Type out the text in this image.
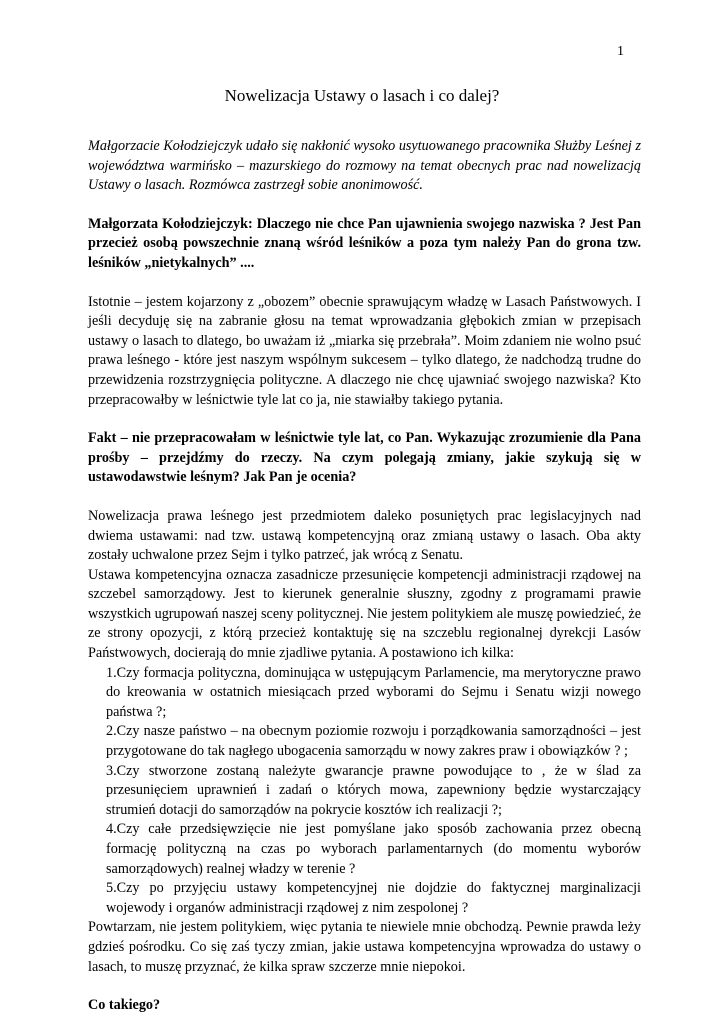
1
Nowelizacja Ustawy o lasach i co dalej?

Małgorzacie Kołodziejczyk udało się nakłonić wysoko usytuowanego pracownika Służby Leśnej z województwa warmińsko – mazurskiego do rozmowy na temat obecnych prac nad nowelizacją Ustawy o lasach. Rozmówca zastrzegł sobie anonimowość.

Małgorzata Kołodziejczyk: Dlaczego nie chce Pan ujawnienia swojego nazwiska ? Jest Pan przecież osobą powszechnie znaną wśród leśników a poza tym należy Pan do grona tzw. leśników „nietykalnych” ....

Istotnie – jestem kojarzony z „obozem” obecnie sprawującym władzę w Lasach Państwowych. I jeśli decyduję się na zabranie głosu na temat wprowadzania głębokich zmian w przepisach ustawy o lasach to dlatego, bo uważam iż „miarka się przebrała”. Moim zdaniem nie wolno psuć prawa leśnego - które jest naszym wspólnym sukcesem – tylko dlatego, że nadchodzą trudne do przewidzenia rozstrzygnięcia polityczne. A dlaczego nie chcę ujawniać swojego nazwiska? Kto przepracowałby w leśnictwie tyle lat co ja, nie stawiałby takiego pytania.

Fakt – nie przepracowałam w leśnictwie tyle lat, co Pan. Wykazując zrozumienie dla Pana prośby – przejdźmy do rzeczy. Na czym polegają zmiany, jakie szykują się w ustawodawstwie leśnym? Jak Pan je ocenia?

Nowelizacja prawa leśnego jest przedmiotem daleko posuniętych prac legislacyjnych nad dwiema ustawami: nad tzw. ustawą kompetencyjną oraz zmianą ustawy o lasach. Oba akty zostały uchwalone przez Sejm i tylko patrzeć, jak wrócą z Senatu.

Ustawa kompetencyjna oznacza zasadnicze przesunięcie kompetencji administracji rządowej na szczebel samorządowy. Jest to kierunek generalnie słuszny, zgodny z programami prawie wszystkich ugrupowań naszej sceny politycznej. Nie jestem politykiem ale muszę powiedzieć, że ze strony opozycji, z którą przecież kontaktuję się na szczeblu regionalnej dyrekcji Lasów Państwowych, docierają do mnie zjadliwe pytania. A postawiono ich kilka:

1.Czy formacja polityczna, dominująca w ustępującym Parlamencie, ma merytoryczne prawo do kreowania w ostatnich miesiącach przed wyborami do Sejmu i Senatu wizji nowego państwa ?;

2.Czy nasze państwo – na obecnym poziomie rozwoju i porządkowania samorządności – jest przygotowane do tak nagłego ubogacenia samorządu w nowy zakres praw i obowiązków ? ;

3.Czy stworzone zostaną należyte gwarancje prawne powodujące to , że w ślad za przesunięciem uprawnień i zadań o których mowa, zapewniony będzie wystarczający strumień dotacji do samorządów na pokrycie kosztów ich realizacji ?;

4.Czy całe przedsięwzięcie nie jest pomyślane jako sposób zachowania przez obecną formację polityczną na czas po wyborach parlamentarnych (do momentu wyborów samorządowych) realnej władzy w terenie ?

5.Czy po przyjęciu ustawy kompetencyjnej nie dojdzie do faktycznej marginalizacji wojewody i organów administracji rządowej z nim zespolonej ?

Powtarzam, nie jestem politykiem, więc pytania te niewiele mnie obchodzą. Pewnie prawda leży gdzieś pośrodku. Co się zaś tyczy zmian, jakie ustawa kompetencyjna wprowadza do ustawy o lasach, to muszę przyznać, że kilka spraw szczerze mnie niepokoi.

Co takiego?
